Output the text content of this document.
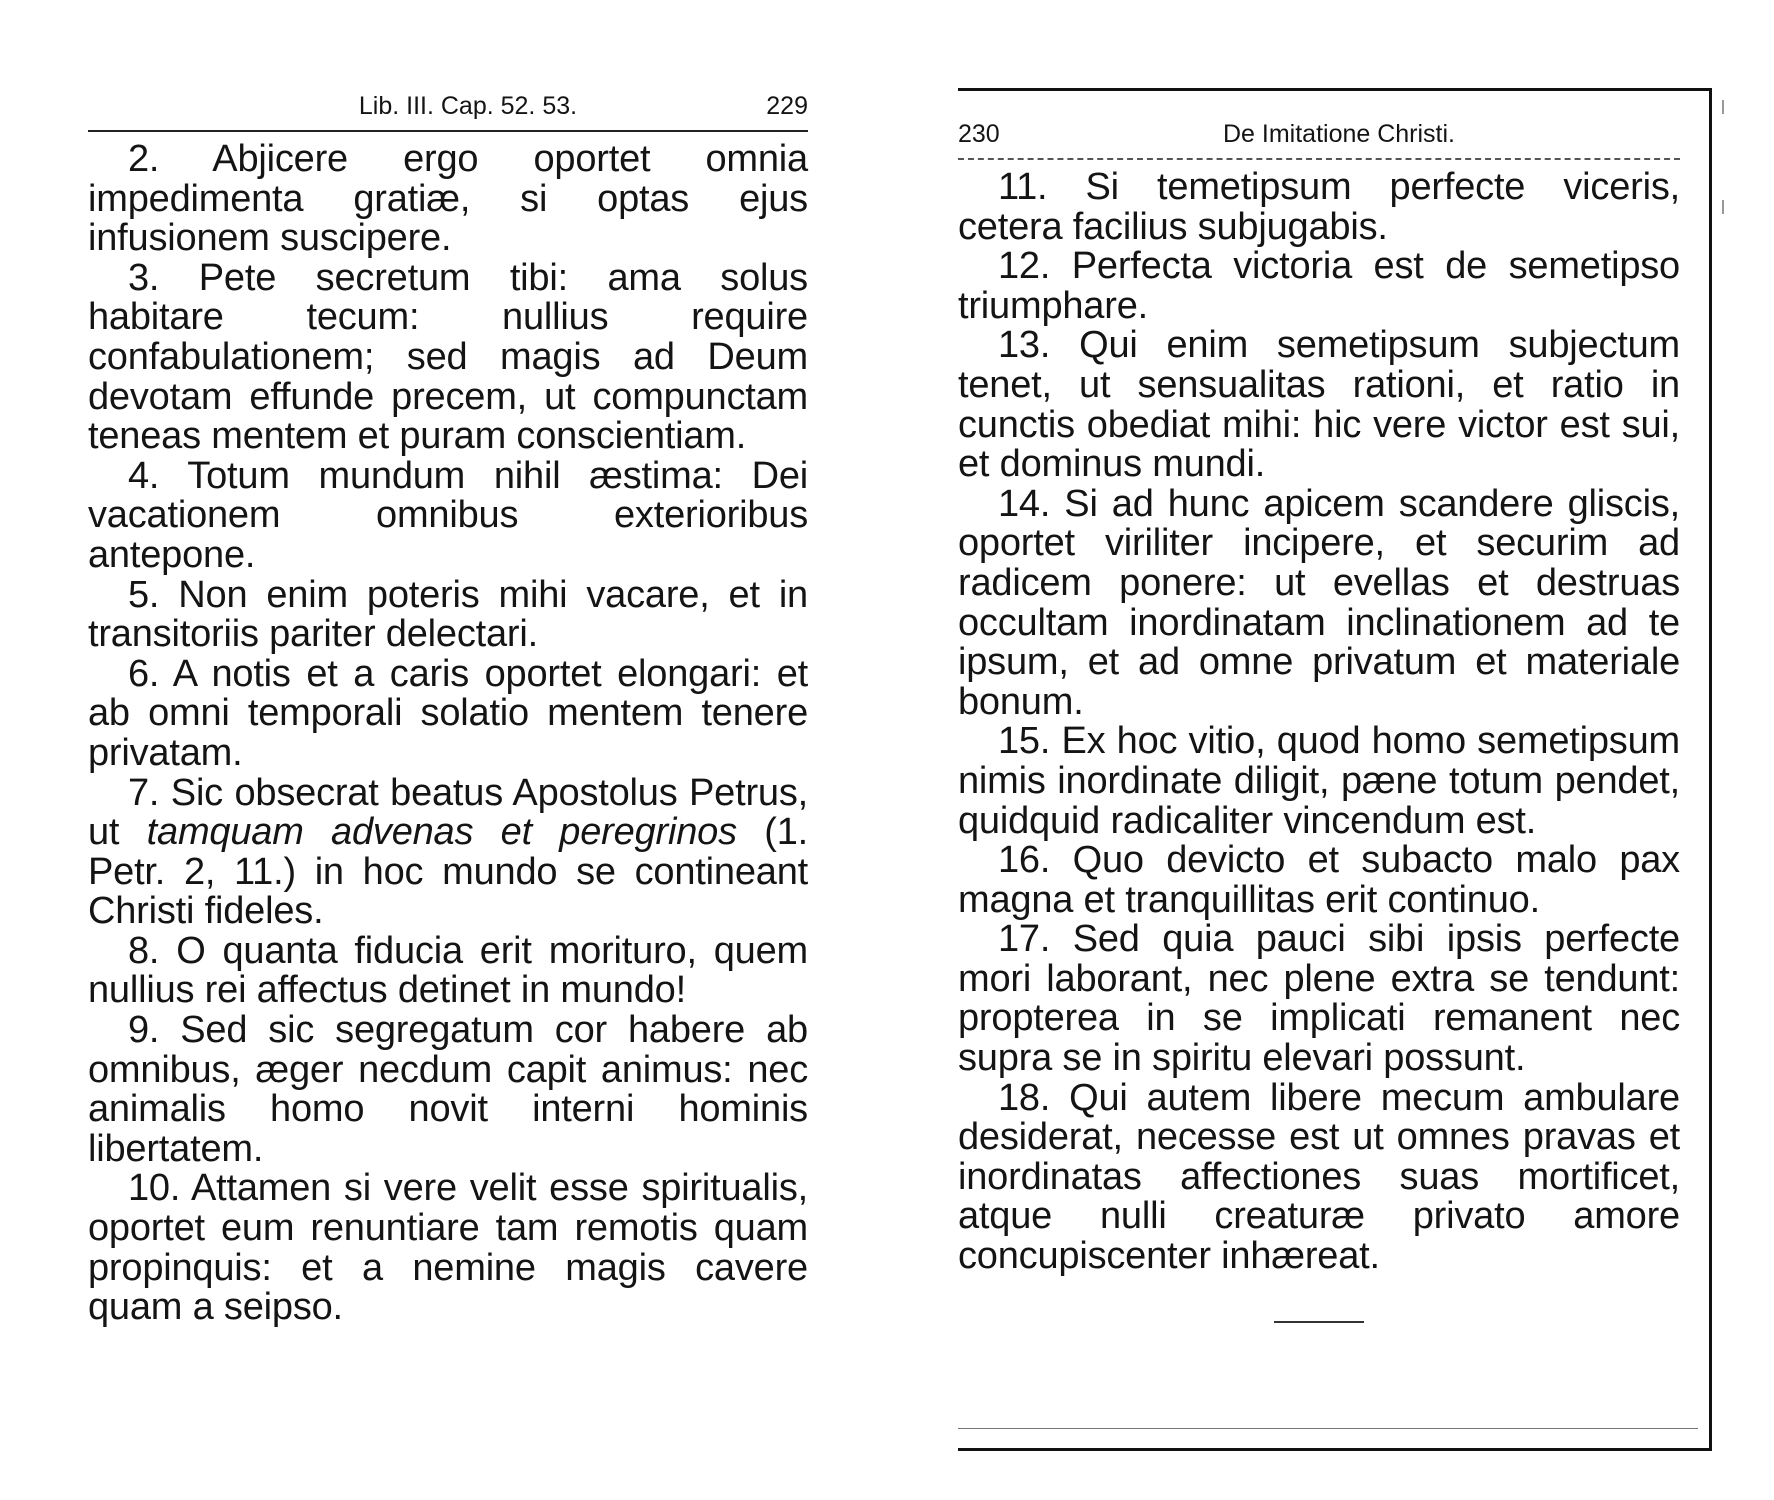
Lib. III. Cap. 52. 53.	229

2. Abjicere ergo oportet omnia impedimenta gratiæ, si optas ejus infusionem suscipere.

3. Pete secretum tibi: ama solus habitare tecum: nullius require confabulationem; sed magis ad Deum devotam effunde precem, ut compunctam teneas mentem et puram conscientiam.

4. Totum mundum nihil æstima: Dei vacationem omnibus exterioribus antepone.

5. Non enim poteris mihi vacare, et in transitoriis pariter delectari.

6. A notis et a caris oportet elongari: et ab omni temporali solatio mentem tenere privatam.

7. Sic obsecrat beatus Apostolus Petrus, ut tamquam advenas et peregrinos (1. Petr. 2, 11.) in hoc mundo se contineant Christi fideles.

8. O quanta fiducia erit morituro, quem nullius rei affectus detinet in mundo!

9. Sed sic segregatum cor habere ab omnibus, æger necdum capit animus: nec animalis homo novit interni hominis libertatem.

10. Attamen si vere velit esse spiritualis, oportet eum renuntiare tam remotis quam propinquis: et a nemine magis cavere quam a seipso.

230	De Imitatione Christi.

11. Si temetipsum perfecte viceris, cetera facilius subjugabis.

12. Perfecta victoria est de semetipso triumphare.

13. Qui enim semetipsum subjectum tenet, ut sensualitas rationi, et ratio in cunctis obediat mihi: hic vere victor est sui, et dominus mundi.

14. Si ad hunc apicem scandere gliscis, oportet viriliter incipere, et securim ad radicem ponere: ut evellas et destruas occultam inordinatam inclinationem ad te ipsum, et ad omne privatum et materiale bonum.

15. Ex hoc vitio, quod homo semetipsum nimis inordinate diligit, pæne totum pendet, quidquid radicaliter vincendum est.

16. Quo devicto et subacto malo pax magna et tranquillitas erit continuo.

17. Sed quia pauci sibi ipsis perfecte mori laborant, nec plene extra se tendunt: propterea in se implicati remanent nec supra se in spiritu elevari possunt.

18. Qui autem libere mecum ambulare desiderat, necesse est ut omnes pravas et inordinatas affectiones suas mortificet, atque nulli creaturæ privato amore concupiscenter inhæreat.
